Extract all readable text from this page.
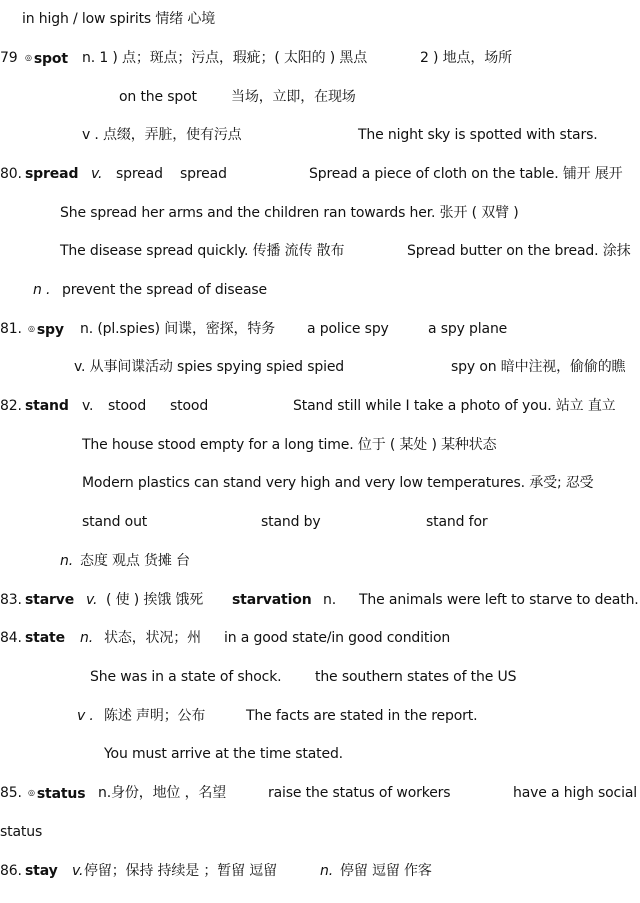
in high / low spirits 情绪 心境
79 ◎ spot n. 1 ) 点；斑点；污点，瑕疵；( 太阳的 ) 黑点	2 ) 地点，场所
on the spot 当场，立即，在现场
v . 点缀，弄脏，使有污点	The night sky is spotted with stars.
80. spread v. spread spread	Spread a piece of cloth on the table. 铺开 展开
She spread her arms and the children ran towards her. 张开 ( 双臂 )
The disease spread quickly. 传播 流传 散布	Spread butter on the bread. 涂抹
n . prevent the spread of disease
81. ◎ spy n. (pl.spies) 间谍，密探，特务 a police spy	a spy plane
v. 从事间谍活动 spies spying spied spied	spy on 暗中注视，偷偷的瞧
82. stand v. stood stood	Stand still while I take a photo of you. 站立 直立
The house stood empty for a long time. 位于 ( 某处 ) 某种状态
Modern plastics can stand very high and very low temperatures. 承受; 忍受
stand out	stand by	stand for
n. 态度 观点 货摊 台
83. starve v. ( 使 ) 挨饿 饿死 starvation n. The animals were left to starve to death.
84. state n. 状态，状况；州 in a good state/in good condition
She was in a state of shock. the southern states of the US
v . 陈述 声明；公布	The facts are stated in the report.
You must arrive at the time stated.
85. ◎ status n.身份，地位 ，名望	raise the status of workers	have a high social
status
86. stay v. 停留；保持 持续是 ；暂留 逗留	n. 停留 逗留 作客
